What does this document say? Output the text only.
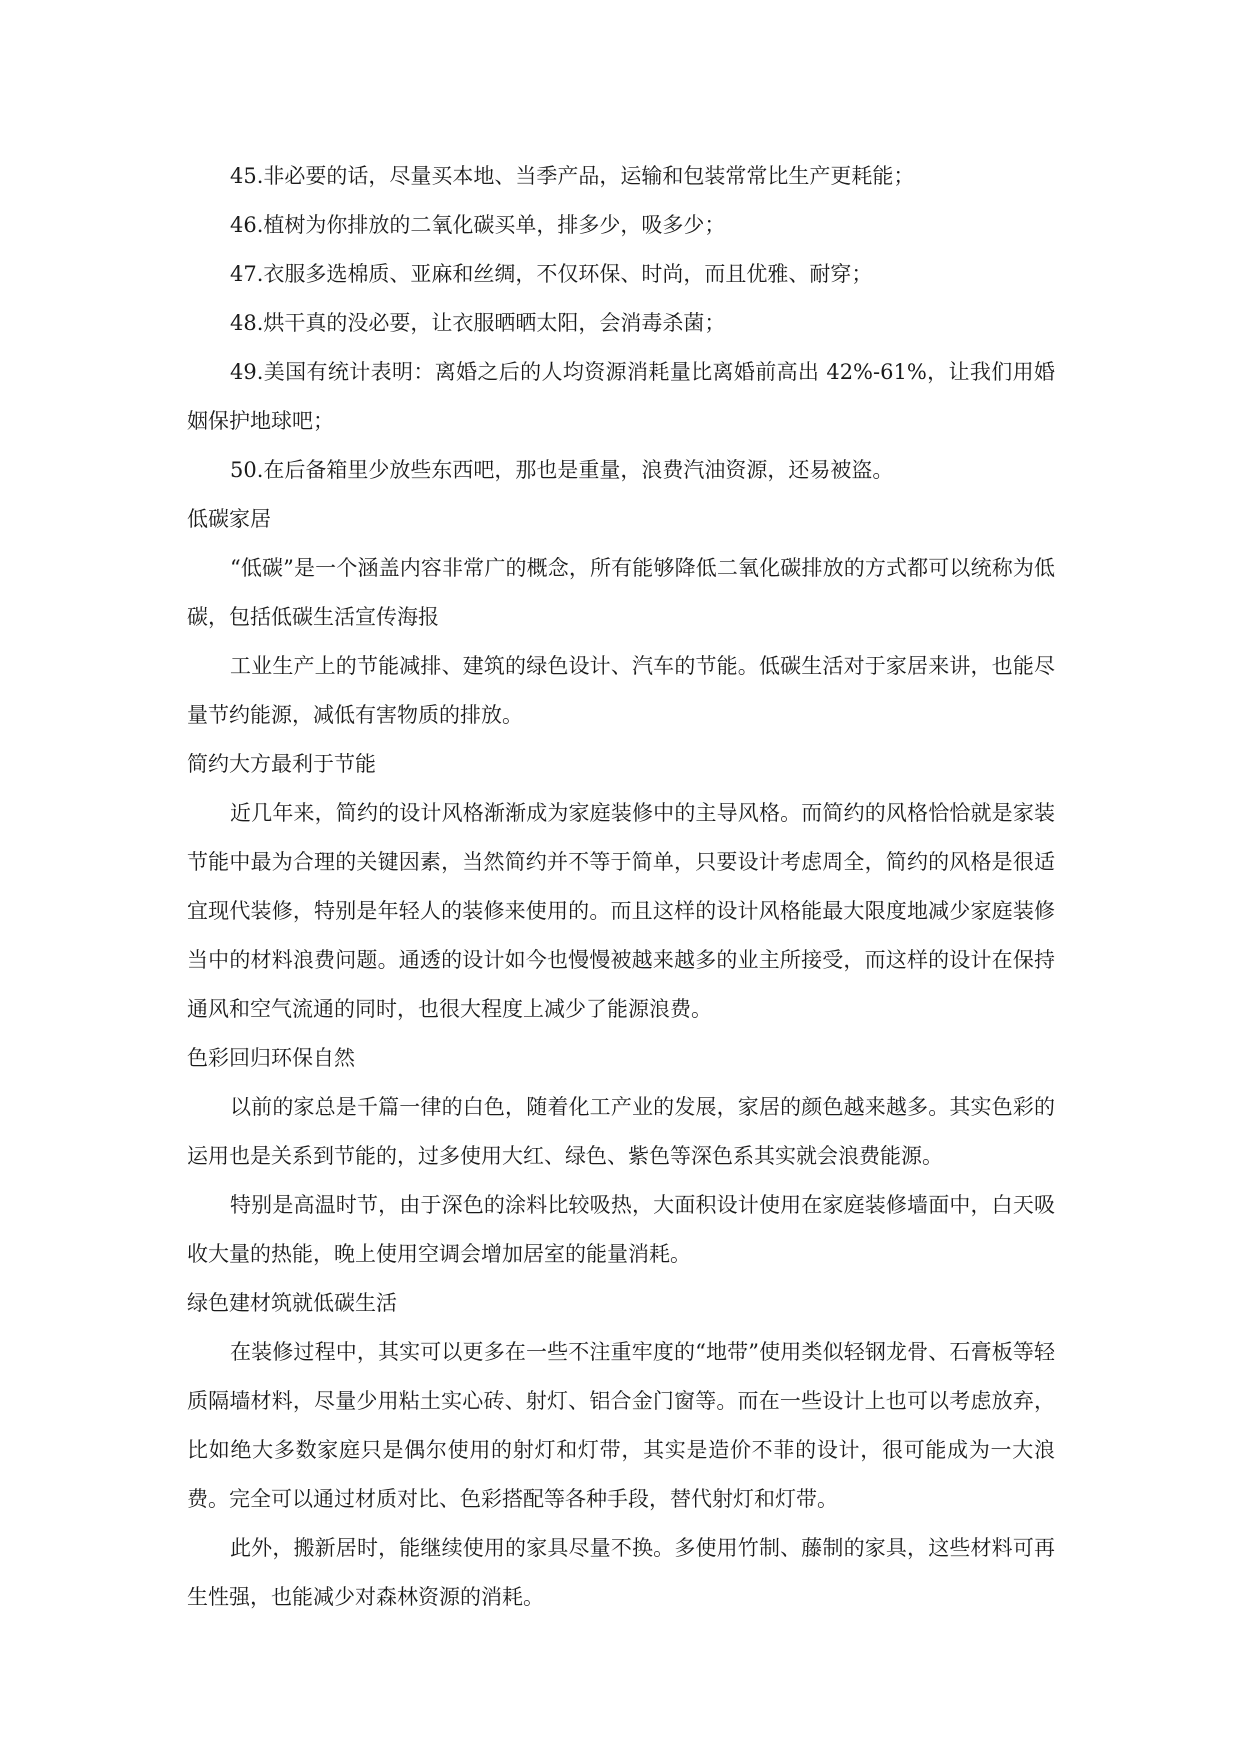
45.非必要的话，尽量买本地、当季产品，运输和包装常常比生产更耗能；

46.植树为你排放的二氧化碳买单，排多少，吸多少；

47.衣服多选棉质、亚麻和丝绸，不仅环保、时尚，而且优雅、耐穿；

48.烘干真的没必要，让衣服晒晒太阳，会消毒杀菌；

49.美国有统计表明：离婚之后的人均资源消耗量比离婚前高出 42%-61%，让我们用婚姻保护地球吧；

50.在后备箱里少放些东西吧，那也是重量，浪费汽油资源，还易被盗。

低碳家居

“低碳”是一个涵盖内容非常广的概念，所有能够降低二氧化碳排放的方式都可以统称为低碳，包括低碳生活宣传海报

工业生产上的节能减排、建筑的绿色设计、汽车的节能。低碳生活对于家居来讲，也能尽量节约能源，减低有害物质的排放。

简约大方最利于节能

近几年来，简约的设计风格渐渐成为家庭装修中的主导风格。而简约的风格恰恰就是家装节能中最为合理的关键因素，当然简约并不等于简单，只要设计考虑周全，简约的风格是很适宜现代装修，特别是年轻人的装修来使用的。而且这样的设计风格能最大限度地减少家庭装修当中的材料浪费问题。通透的设计如今也慢慢被越来越多的业主所接受，而这样的设计在保持通风和空气流通的同时，也很大程度上减少了能源浪费。

色彩回归环保自然

以前的家总是千篇一律的白色，随着化工产业的发展，家居的颜色越来越多。其实色彩的运用也是关系到节能的，过多使用大红、绿色、紫色等深色系其实就会浪费能源。

特别是高温时节，由于深色的涂料比较吸热，大面积设计使用在家庭装修墙面中，白天吸收大量的热能，晚上使用空调会增加居室的能量消耗。

绿色建材筑就低碳生活

在装修过程中，其实可以更多在一些不注重牢度的“地带”使用类似轻钢龙骨、石膏板等轻质隔墙材料，尽量少用粘土实心砖、射灯、铝合金门窗等。而在一些设计上也可以考虑放弃，比如绝大多数家庭只是偶尔使用的射灯和灯带，其实是造价不菲的设计，很可能成为一大浪费。完全可以通过材质对比、色彩搭配等各种手段，替代射灯和灯带。

此外，搬新居时，能继续使用的家具尽量不换。多使用竹制、藤制的家具，这些材料可再生性强，也能减少对森林资源的消耗。
